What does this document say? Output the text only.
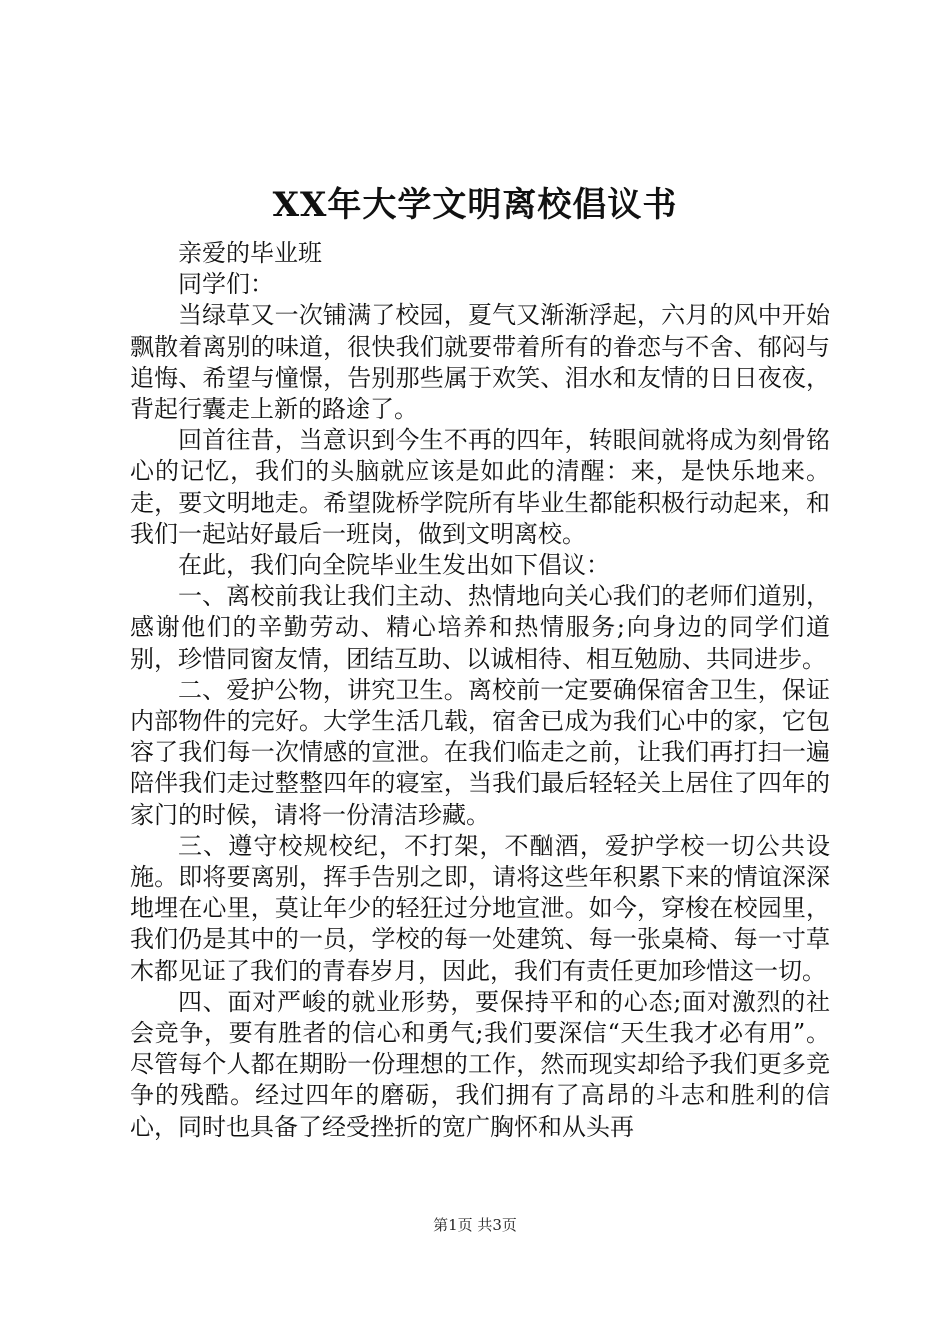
XX年大学文明离校倡议书

亲爱的毕业班

同学们：

当绿草又一次铺满了校园，夏气又渐渐浮起，六月的风中开始飘散着离别的味道，很快我们就要带着所有的眷恋与不舍、郁闷与追悔、希望与憧憬，告别那些属于欢笑、泪水和友情的日日夜夜，背起行囊走上新的路途了。

回首往昔，当意识到今生不再的四年，转眼间就将成为刻骨铭心的记忆，我们的头脑就应该是如此的清醒：来，是快乐地来。走，要文明地走。希望陇桥学院所有毕业生都能积极行动起来，和我们一起站好最后一班岗，做到文明离校。

在此，我们向全院毕业生发出如下倡议：

一、离校前我让我们主动、热情地向关心我们的老师们道别，感谢他们的辛勤劳动、精心培养和热情服务;向身边的同学们道别，珍惜同窗友情，团结互助、以诚相待、相互勉励、共同进步。

二、爱护公物，讲究卫生。离校前一定要确保宿舍卫生，保证内部物件的完好。大学生活几载，宿舍已成为我们心中的家，它包容了我们每一次情感的宣泄。在我们临走之前，让我们再打扫一遍陪伴我们走过整整四年的寝室，当我们最后轻轻关上居住了四年的家门的时候，请将一份清洁珍藏。

三、遵守校规校纪，不打架，不酗酒，爱护学校一切公共设施。即将要离别，挥手告别之即，请将这些年积累下来的情谊深深地埋在心里，莫让年少的轻狂过分地宣泄。如今，穿梭在校园里，我们仍是其中的一员，学校的每一处建筑、每一张桌椅、每一寸草木都见证了我们的青春岁月，因此，我们有责任更加珍惜这一切。

四、面对严峻的就业形势，要保持平和的心态;面对激烈的社会竞争，要有胜者的信心和勇气;我们要深信“天生我才必有用”。尽管每个人都在期盼一份理想的工作，然而现实却给予我们更多竞争的残酷。经过四年的磨砺，我们拥有了高昂的斗志和胜利的信心，同时也具备了经受挫折的宽广胸怀和从头再

第1页 共3页
